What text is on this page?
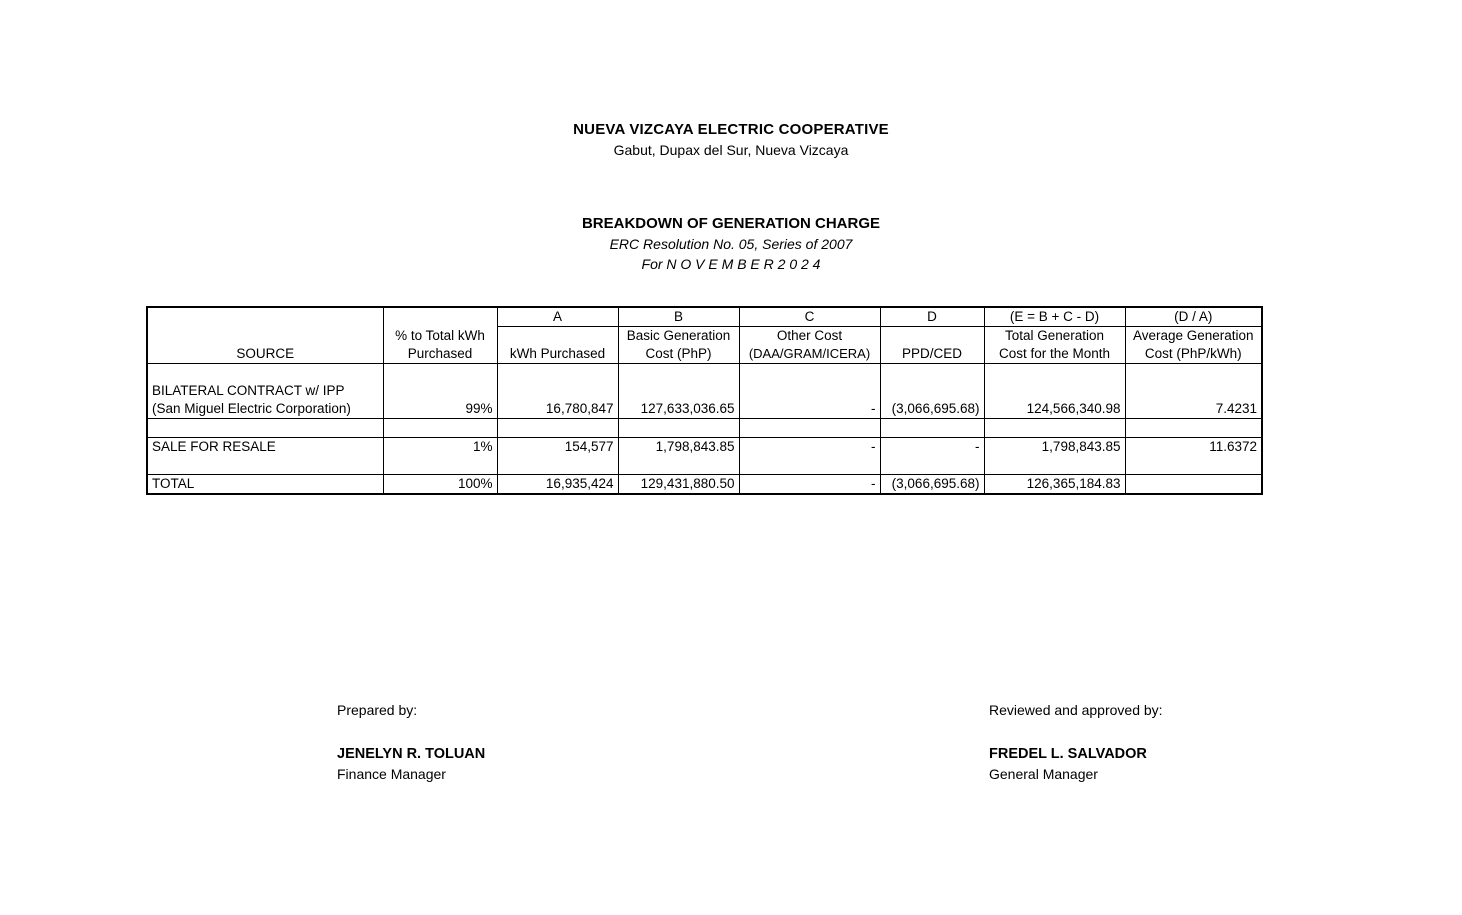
NUEVA VIZCAYA ELECTRIC COOPERATIVE
Gabut, Dupax del Sur, Nueva Vizcaya
BREAKDOWN OF GENERATION CHARGE
ERC Resolution No. 05, Series of 2007
For N O V E M B E R 2 0 2 4
		A	B	C	D	(E = B + C - D)	(D / A)
	% to Total kWh		Basic Generation	Other Cost		Total Generation	Average Generation
SOURCE	Purchased	kWh Purchased	Cost (PhP)	(DAA/GRAM/ICERA)	PPD/CED	Cost for the Month	Cost (PhP/kWh)

BILATERAL CONTRACT w/ IPP							
(San Miguel Electric Corporation)	99%	16,780,847	127,633,036.65	-	(3,066,695.68)	124,566,340.98	7.4231

SALE FOR RESALE	1%	154,577	1,798,843.85	-	-	1,798,843.85	11.6372

TOTAL	100%	16,935,424	129,431,880.50	-	(3,066,695.68)	126,365,184.83	
Prepared by:
JENELYN R. TOLUAN
Finance Manager
Reviewed and approved by:
FREDEL L. SALVADOR
General Manager
